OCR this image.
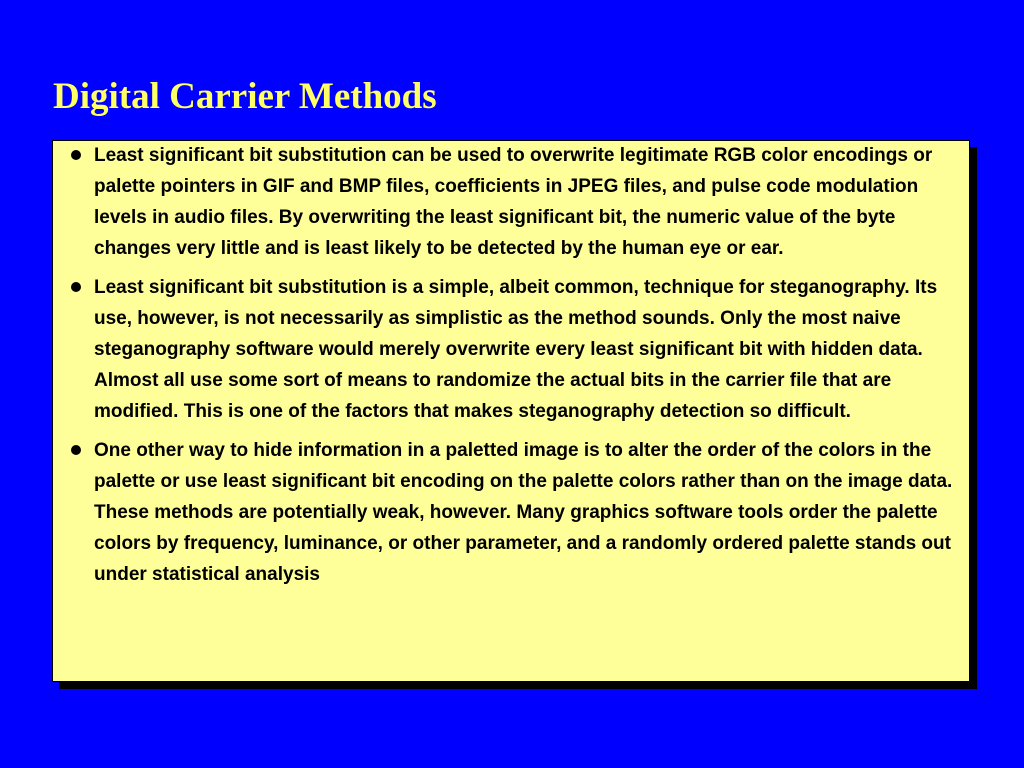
Digital Carrier Methods
Least significant bit substitution can be used to overwrite legitimate RGB color encodings or palette pointers in GIF and BMP files, coefficients in JPEG files, and pulse code modulation levels in audio files. By overwriting the least significant bit, the numeric value of the byte changes very little and is least likely to be detected by the human eye or ear.
Least significant bit substitution is a simple, albeit common, technique for steganography. Its use, however, is not necessarily as simplistic as the method sounds. Only the most naive steganography software would merely overwrite every least significant bit with hidden data. Almost all use some sort of means to randomize the actual bits in the carrier file that are modified. This is one of the factors that makes steganography detection so difficult.
One other way to hide information in a paletted image is to alter the order of the colors in the palette or use least significant bit encoding on the palette colors rather than on the image data. These methods are potentially weak, however. Many graphics software tools order the palette colors by frequency, luminance, or other parameter, and a randomly ordered palette stands out under statistical analysis
